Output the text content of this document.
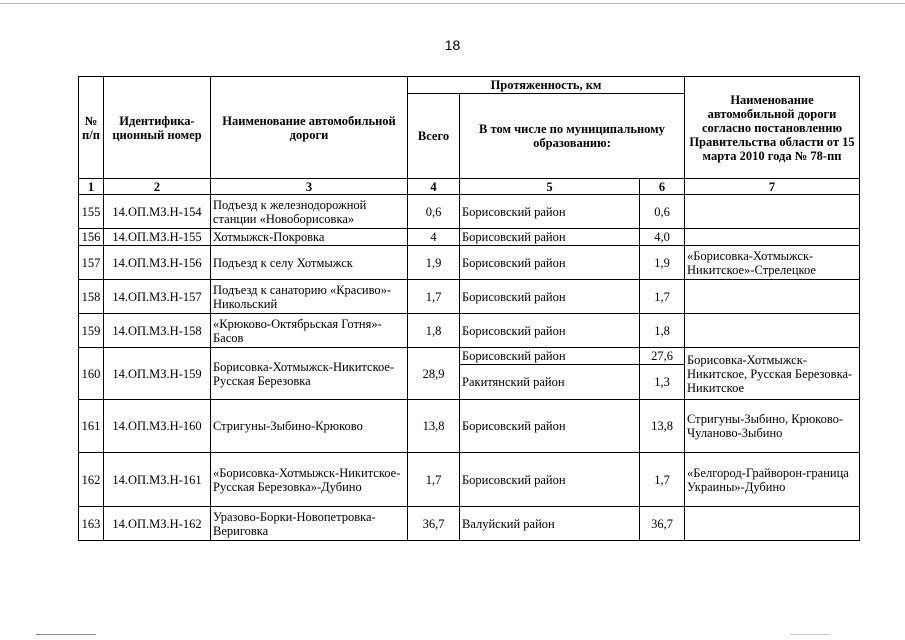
18
№ п/п	Идентифика-ционный номер	Наименование автомобильной дороги	Протяженность, км			Наименование автомобильной дороги согласно постановлению Правительства области от 15 марта 2010 года № 78-пп
			Всего	В том числе по муниципальному образованию:		
1	2	3	4	5	6	7
155	14.ОП.МЗ.Н-154	Подъезд к железнодорожной станции «Новоборисовка»	0,6	Борисовский район	0,6	
156	14.ОП.МЗ.Н-155	Хотмыжск-Покровка	4	Борисовский район	4,0	
157	14.ОП.МЗ.Н-156	Подъезд к селу Хотмыжск	1,9	Борисовский район	1,9	«Борисовка-Хотмыжск-Никитское»-Стрелецкое
158	14.ОП.МЗ.Н-157	Подъезд к санаторию «Красиво»-Никольский	1,7	Борисовский район	1,7	
159	14.ОП.МЗ.Н-158	«Крюково-Октябрьская Готня»-Басов	1,8	Борисовский район	1,8	
160	14.ОП.МЗ.Н-159	Борисовка-Хотмыжск-Никитское-Русская Березовка	28,9	Борисовский район	27,6	Борисовка-Хотмыжск-Никитское, Русская Березовка-Никитское
				Ракитянский район	1,3	
161	14.ОП.МЗ.Н-160	Стригуны-Зыбино-Крюково	13,8	Борисовский район	13,8	Стригуны-Зыбино, Крюково-Чуланово-Зыбино
162	14.ОП.МЗ.Н-161	«Борисовка-Хотмыжск-Никитское-Русская Березовка»-Дубино	1,7	Борисовский район	1,7	«Белгород-Грайворон-граница Украины»-Дубино
163	14.ОП.МЗ.Н-162	Уразово-Борки-Новопетровка-Вериговка	36,7	Валуйский район	36,7	
